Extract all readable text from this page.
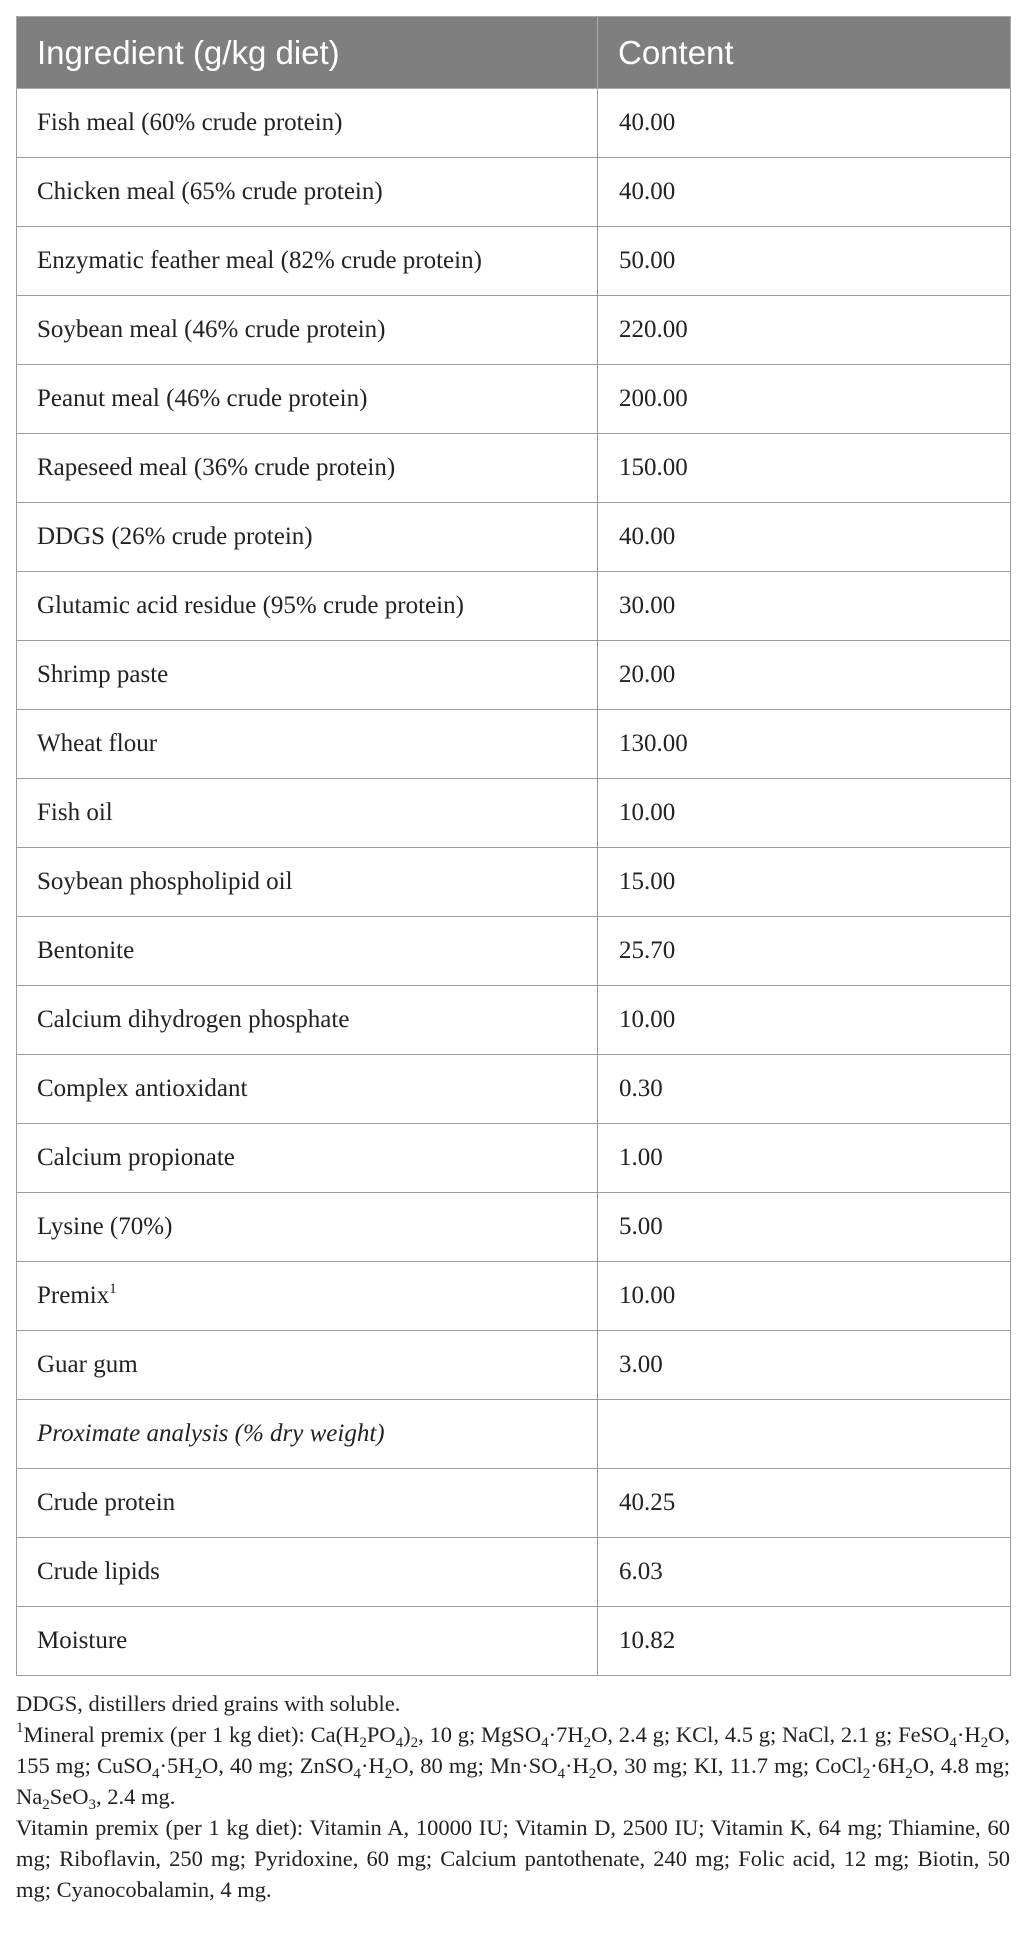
Ingredient (g/kg diet)	Content
Fish meal (60% crude protein)	40.00
Chicken meal (65% crude protein)	40.00
Enzymatic feather meal (82% crude protein)	50.00
Soybean meal (46% crude protein)	220.00
Peanut meal (46% crude protein)	200.00
Rapeseed meal (36% crude protein)	150.00
DDGS (26% crude protein)	40.00
Glutamic acid residue (95% crude protein)	30.00
Shrimp paste	20.00
Wheat flour	130.00
Fish oil	10.00
Soybean phospholipid oil	15.00
Bentonite	25.70
Calcium dihydrogen phosphate	10.00
Complex antioxidant	0.30
Calcium propionate	1.00
Lysine (70%)	5.00
Premix$^1$	10.00
Guar gum	3.00
Proximate analysis (% dry weight)	
Crude protein	40.25
Crude lipids	6.03
Moisture	10.82

DDGS, distillers dried grains with soluble.

$^1$Mineral premix (per 1 kg diet): $Ca(H_2PO_4)_2$, 10 g; $MgSO_4\cdot 7H_2O$, 2.4 g; KCl, 4.5 g; NaCl, 2.1 g; $FeSO_4\cdot H_2O$, 155 mg; $CuSO_4\cdot 5H_2O$, 40 mg; $ZnSO_4\cdot H_2O$, 80 mg; $Mn\cdot SO_4\cdot H_2O$, 30 mg; KI, 11.7 mg; $CoCl_2\cdot 6H_2O$, 4.8 mg; $Na_2SeO_3$, 2.4 mg.

Vitamin premix (per 1 kg diet): Vitamin A, 10000 IU; Vitamin D, 2500 IU; Vitamin K, 64 mg; Thiamine, 60 mg; Riboflavin, 250 mg; Pyridoxine, 60 mg; Calcium pantothenate, 240 mg; Folic acid, 12 mg; Biotin, 50 mg; Cyanocobalamin, 4 mg.
